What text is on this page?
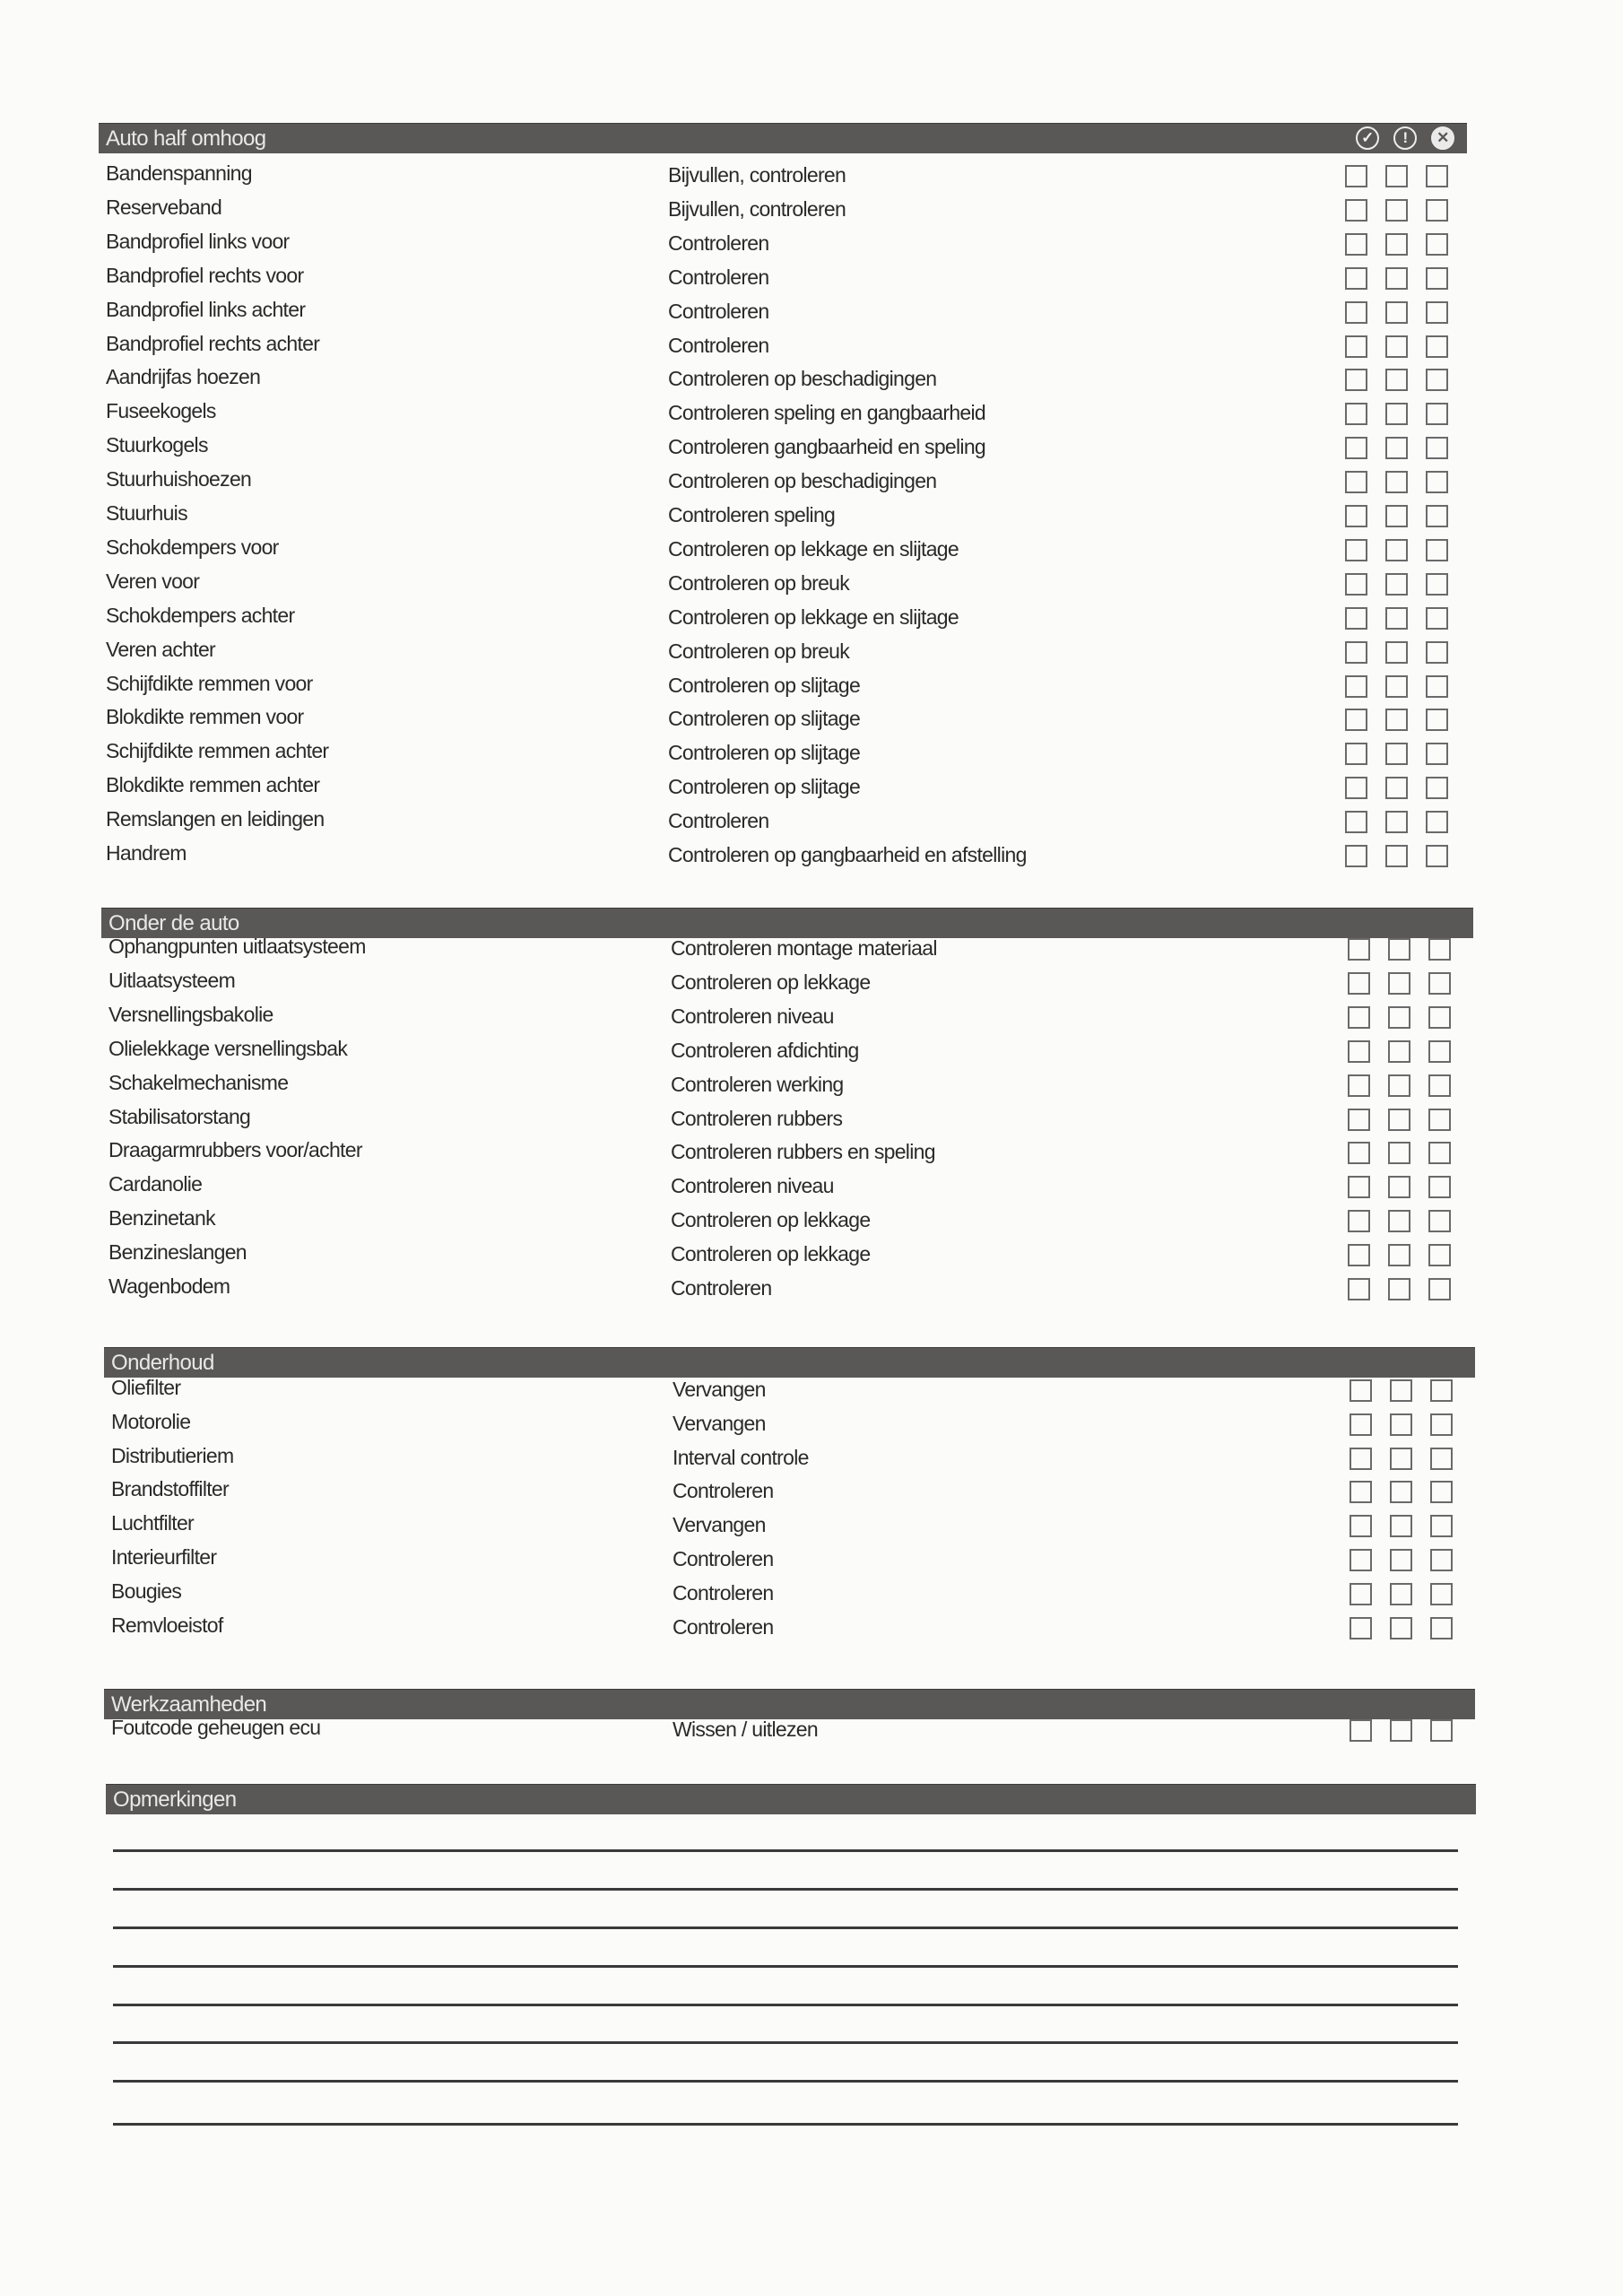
Auto half omhoog	✓	!	✕
Bandenspanning	Bijvullen, controleren
Reserveband	Bijvullen, controleren
Bandprofiel links voor	Controleren
Bandprofiel rechts voor	Controleren
Bandprofiel links achter	Controleren
Bandprofiel rechts achter	Controleren
Aandrijfas hoezen	Controleren op beschadigingen
Fuseekogels	Controleren speling en gangbaarheid
Stuurkogels	Controleren gangbaarheid en speling
Stuurhuishoezen	Controleren op beschadigingen
Stuurhuis	Controleren speling
Schokdempers voor	Controleren op lekkage en slijtage
Veren voor	Controleren op breuk
Schokdempers achter	Controleren op lekkage en slijtage
Veren achter	Controleren op breuk
Schijfdikte remmen voor	Controleren op slijtage
Blokdikte remmen voor	Controleren op slijtage
Schijfdikte remmen achter	Controleren op slijtage
Blokdikte remmen achter	Controleren op slijtage
Remslangen en leidingen	Controleren
Handrem	Controleren op gangbaarheid en afstelling
Onder de auto
Ophangpunten uitlaatsysteem	Controleren montage materiaal
Uitlaatsysteem	Controleren op lekkage
Versnellingsbakolie	Controleren niveau
Olielekkage versnellingsbak	Controleren afdichting
Schakelmechanisme	Controleren werking
Stabilisatorstang	Controleren rubbers
Draagarmrubbers voor/achter	Controleren rubbers en speling
Cardanolie	Controleren niveau
Benzinetank	Controleren op lekkage
Benzineslangen	Controleren op lekkage
Wagenbodem	Controleren
Onderhoud
Oliefilter	Vervangen
Motorolie	Vervangen
Distributieriem	Interval controle
Brandstoffilter	Controleren
Luchtfilter	Vervangen
Interieurfilter	Controleren
Bougies	Controleren
Remvloeistof	Controleren
Werkzaamheden
Foutcode geheugen ecu	Wissen / uitlezen
Opmerkingen
